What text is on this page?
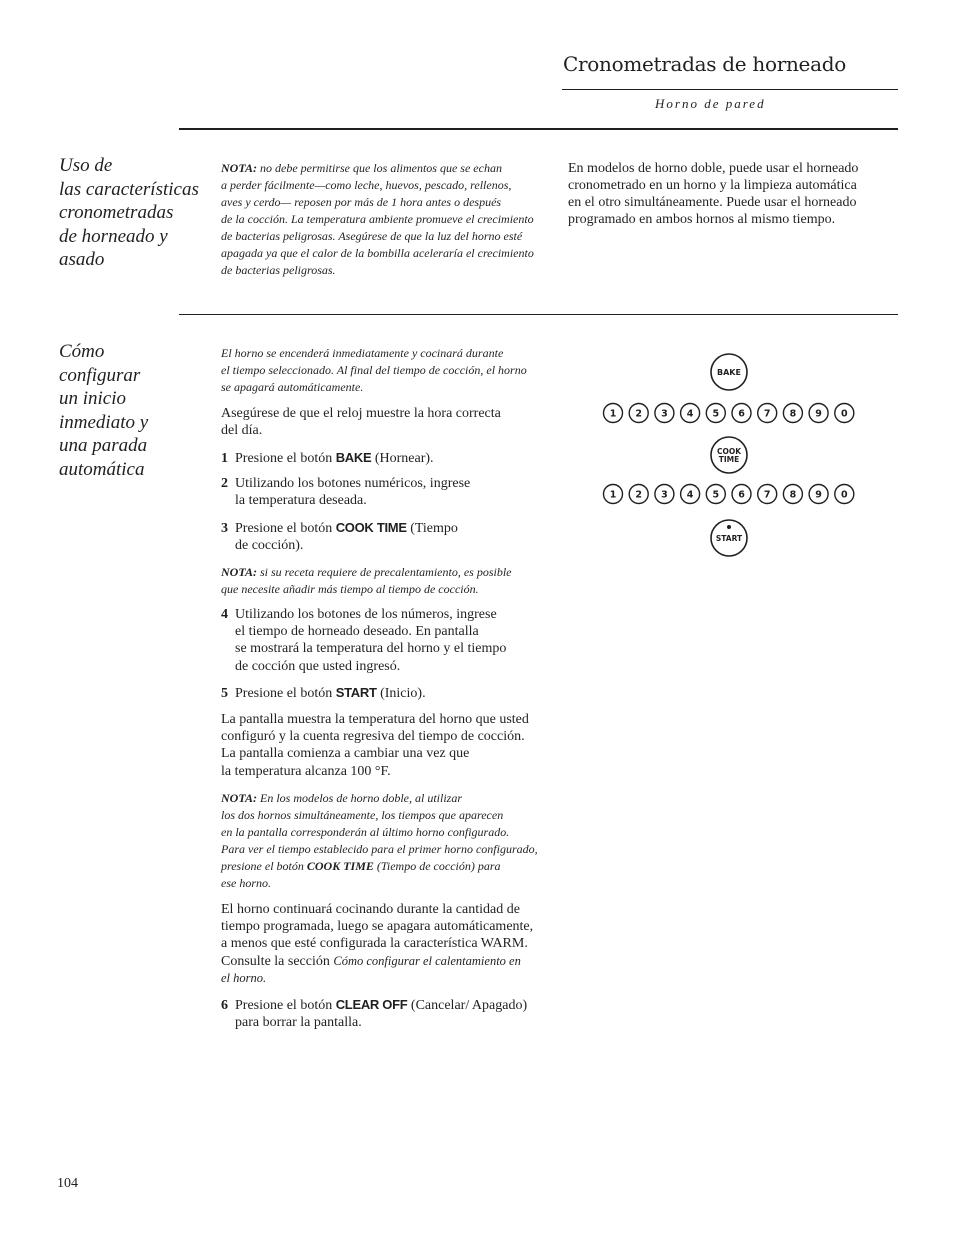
Cronometradas de horneado
Horno de pared
Uso de
las características
cronometradas
de horneado y
asado
NOTA: no debe permitirse que los alimentos que se echan
a perder fácilmente—como leche, huevos, pescado, rellenos,
aves y cerdo— reposen por más de 1 hora antes o después
de la cocción. La temperatura ambiente promueve el crecimiento
de bacterias peligrosas. Asegúrese de que la luz del horno esté
apagada ya que el calor de la bombilla aceleraría el crecimiento
de bacterias peligrosas.
En modelos de horno doble, puede usar el horneado
cronometrado en un horno y la limpieza automática
en el otro simultáneamente. Puede usar el horneado
programado en ambos hornos al mismo tiempo.
Cómo
configurar
un inicio
inmediato y
una parada
automática
El horno se encenderá inmediatamente y cocinará durante
el tiempo seleccionado. Al final del tiempo de cocción, el horno
se apagará automáticamente.
Asegúrese de que el reloj muestre la hora correcta
del día.
1 Presione el botón BAKE (Hornear).
2 Utilizando los botones numéricos, ingrese
la temperatura deseada.
3 Presione el botón COOK TIME (Tiempo
de cocción).
NOTA: si su receta requiere de precalentamiento, es posible
que necesite añadir más tiempo al tiempo de cocción.
4 Utilizando los botones de los números, ingrese
el tiempo de horneado deseado. En pantalla
se mostrará la temperatura del horno y el tiempo
de cocción que usted ingresó.
5 Presione el botón START (Inicio).
La pantalla muestra la temperatura del horno que usted
configuró y la cuenta regresiva del tiempo de cocción.
La pantalla comienza a cambiar una vez que
la temperatura alcanza 100 °F.
NOTA: En los modelos de horno doble, al utilizar
los dos hornos simultáneamente, los tiempos que aparecen
en la pantalla corresponderán al último horno configurado.
Para ver el tiempo establecido para el primer horno configurado,
presione el botón COOK TIME (Tiempo de cocción) para
ese horno.
El horno continuará cocinando durante la cantidad de
tiempo programada, luego se apagara automáticamente,
a menos que esté configurada la característica WARM.
Consulte la sección Cómo configurar el calentamiento en
el horno.
6 Presione el botón CLEAR OFF (Cancelar/ Apagado)
para borrar la pantalla.
BAKE
1 2 3 4 5 6 7 8 9 0
COOK
TIME
1 2 3 4 5 6 7 8 9 0
START
104
